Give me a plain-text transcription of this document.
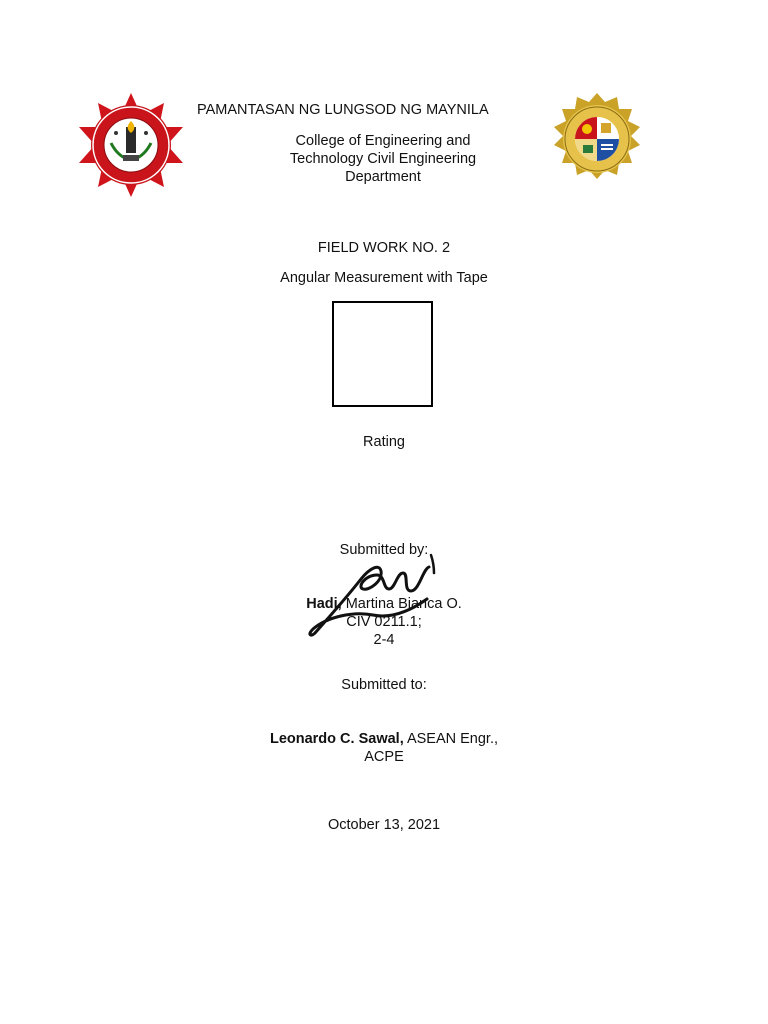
PAMANTASAN NG LUNGSOD NG MAYNILA
College of Engineering and
Technology Civil Engineering
Department
FIELD WORK NO. 2
Angular Measurement with Tape
Rating
Submitted by:
Hadi, Martina Bianca O.
CIV 0211.1;
2-4
Submitted to:
Leonardo C. Sawal, ASEAN Engr.,
ACPE
October 13, 2021
